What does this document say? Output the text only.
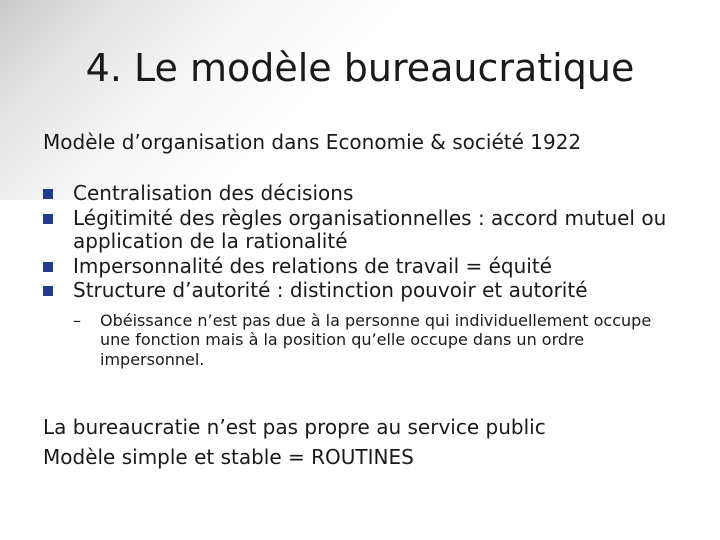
4. Le modèle bureaucratique
Modèle d’organisation dans Economie & société 1922
Centralisation des décisions
Légitimité des règles organisationnelles : accord mutuel ou application de la rationalité
Impersonnalité des relations de travail = équité
Structure d’autorité : distinction pouvoir et autorité
– Obéissance n’est pas due à la personne qui individuellement occupe une fonction mais à la position qu’elle occupe dans un ordre impersonnel.
La bureaucratie n’est pas propre au service public
Modèle simple et stable = ROUTINES
